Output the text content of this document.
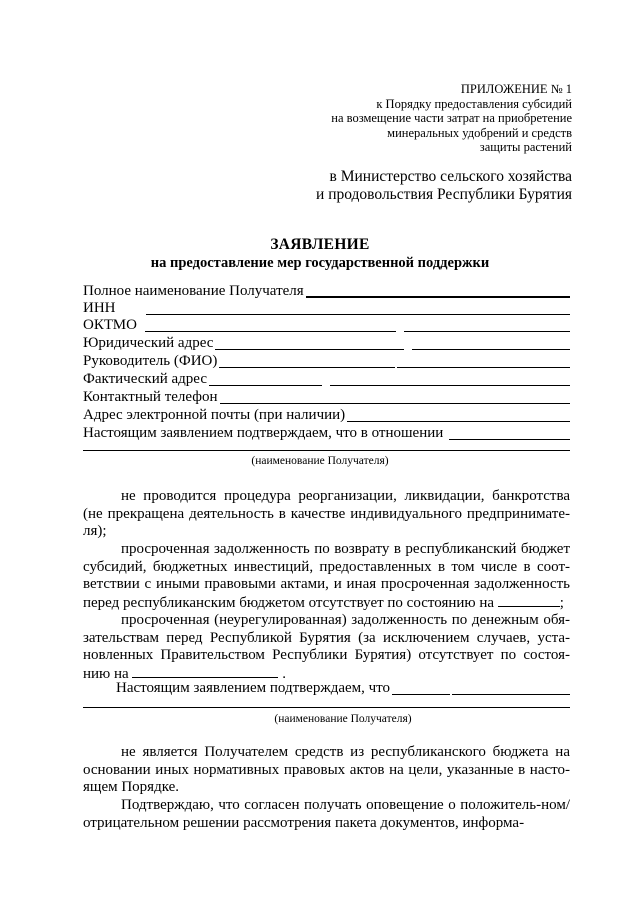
ПРИЛОЖЕНИЕ № 1
к Порядку предоставления субсидий
на возмещение части затрат на приобретение
минеральных удобрений и средств
защиты растений
в Министерство сельского хозяйства
и продовольствия Республики Бурятия
ЗАЯВЛЕНИЕ
на предоставление мер государственной поддержки
Полное наименование Получателя
ИНН
ОКТМО
Юридический адрес
Руководитель (ФИО)
Фактический адрес
Контактный телефон
Адрес электронной почты (при наличии)
Настоящим заявлением подтверждаем, что в отношении
(наименование Получателя)
не проводится процедура реорганизации, ликвидации, банкротства (не прекращена деятельность в качестве индивидуального предпринимате-ля);
просроченная задолженность по возврату в республиканский бюджет субсидий, бюджетных инвестиций, предоставленных в том числе в соот-ветствии с иными правовыми актами, и иная просроченная задолженность перед республиканским бюджетом отсутствует по состоянию на	;
просроченная (неурегулированная) задолженность по денежным обя-зательствам перед Республикой Бурятия (за исключением случаев, уста-новленных Правительством Республики Бурятия) отсутствует по состоя-нию на	.
Настоящим заявлением подтверждаем, что
(наименование Получателя)
не является Получателем средств из республиканского бюджета на основании иных нормативных правовых актов на цели, указанные в насто-ящем Порядке.
Подтверждаю, что согласен получать оповещение о положитель-ном/отрицательном решении рассмотрения пакета документов, информа-
